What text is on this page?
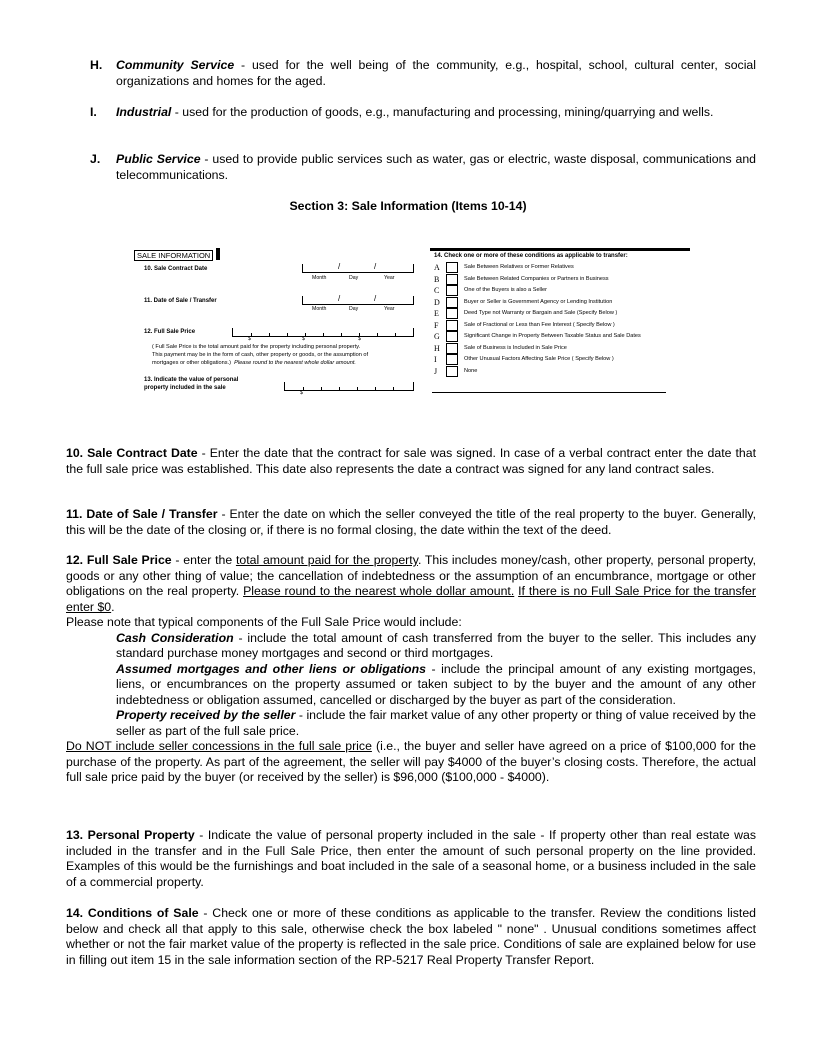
H. Community Service - used for the well being of the community, e.g., hospital, school, cultural center, social organizations and homes for the aged.
I. Industrial - used for the production of goods, e.g., manufacturing and processing, mining/quarrying and wells.
J. Public Service - used to provide public services such as water, gas or electric, waste disposal, communications and telecommunications.
Section 3: Sale Information (Items 10-14)
SALE INFORMATION
10. Sale Contract Date	/	/
Month	Day	Year
11. Date of Sale / Transfer	/	/
Month	Day	Year
12. Full Sale Price
$	$	$
( Full Sale Price is the total amount paid for the property including personal property.
This payment may be in the form of cash, other property or goods, or the assumption of
mortgages or other obligations.) Please round to the nearest whole dollar amount.
13. Indicate the value of personal
property included in the sale
$
14. Check one or more of these conditions as applicable to transfer:
A	Sale Between Relatives or Former Relatives
B	Sale Between Related Companies or Partners in Business
C	One of the Buyers is also a Seller
D	Buyer or Seller is Government Agency or Lending Institution
E	Deed Type not Warranty or Bargain and Sale (Specify Below )
F	Sale of Fractional or Less than Fee Interest ( Specify Below )
G	Significant Change in Property Between Taxable Status and Sale Dates
H	Sale of Business is Included in Sale Price
I	Other Unusual Factors Affecting Sale Price ( Specify Below )
J	None
10. Sale Contract Date - Enter the date that the contract for sale was signed. In case of a verbal contract enter the date that the full sale price was established. This date also represents the date a contract was signed for any land contract sales.
11. Date of Sale / Transfer - Enter the date on which the seller conveyed the title of the real property to the buyer. Generally, this will be the date of the closing or, if there is no formal closing, the date within the text of the deed.
12. Full Sale Price - enter the total amount paid for the property. This includes money/cash, other property, personal property, goods or any other thing of value; the cancellation of indebtedness or the assumption of an encumbrance, mortgage or other obligations on the real property. Please round to the nearest whole dollar amount. If there is no Full Sale Price for the transfer enter $0.
Please note that typical components of the Full Sale Price would include:
Cash Consideration - include the total amount of cash transferred from the buyer to the seller. This includes any standard purchase money mortgages and second or third mortgages.
Assumed mortgages and other liens or obligations - include the principal amount of any existing mortgages, liens, or encumbrances on the property assumed or taken subject to by the buyer and the amount of any other indebtedness or obligation assumed, cancelled or discharged by the buyer as part of the consideration.
Property received by the seller - include the fair market value of any other property or thing of value received by the seller as part of the full sale price.
Do NOT include seller concessions in the full sale price (i.e., the buyer and seller have agreed on a price of $100,000 for the purchase of the property. As part of the agreement, the seller will pay $4000 of the buyer’s closing costs. Therefore, the actual full sale price paid by the buyer (or received by the seller) is $96,000 ($100,000 - $4000).
13. Personal Property - Indicate the value of personal property included in the sale - If property other than real estate was included in the transfer and in the Full Sale Price, then enter the amount of such personal property on the line provided. Examples of this would be the furnishings and boat included in the sale of a seasonal home, or a business included in the sale of a commercial property.
14. Conditions of Sale - Check one or more of these conditions as applicable to the transfer. Review the conditions listed below and check all that apply to this sale, otherwise check the box labeled " none" . Unusual conditions sometimes affect whether or not the fair market value of the property is reflected in the sale price. Conditions of sale are explained below for use in filling out item 15 in the sale information section of the RP-5217 Real Property Transfer Report.
